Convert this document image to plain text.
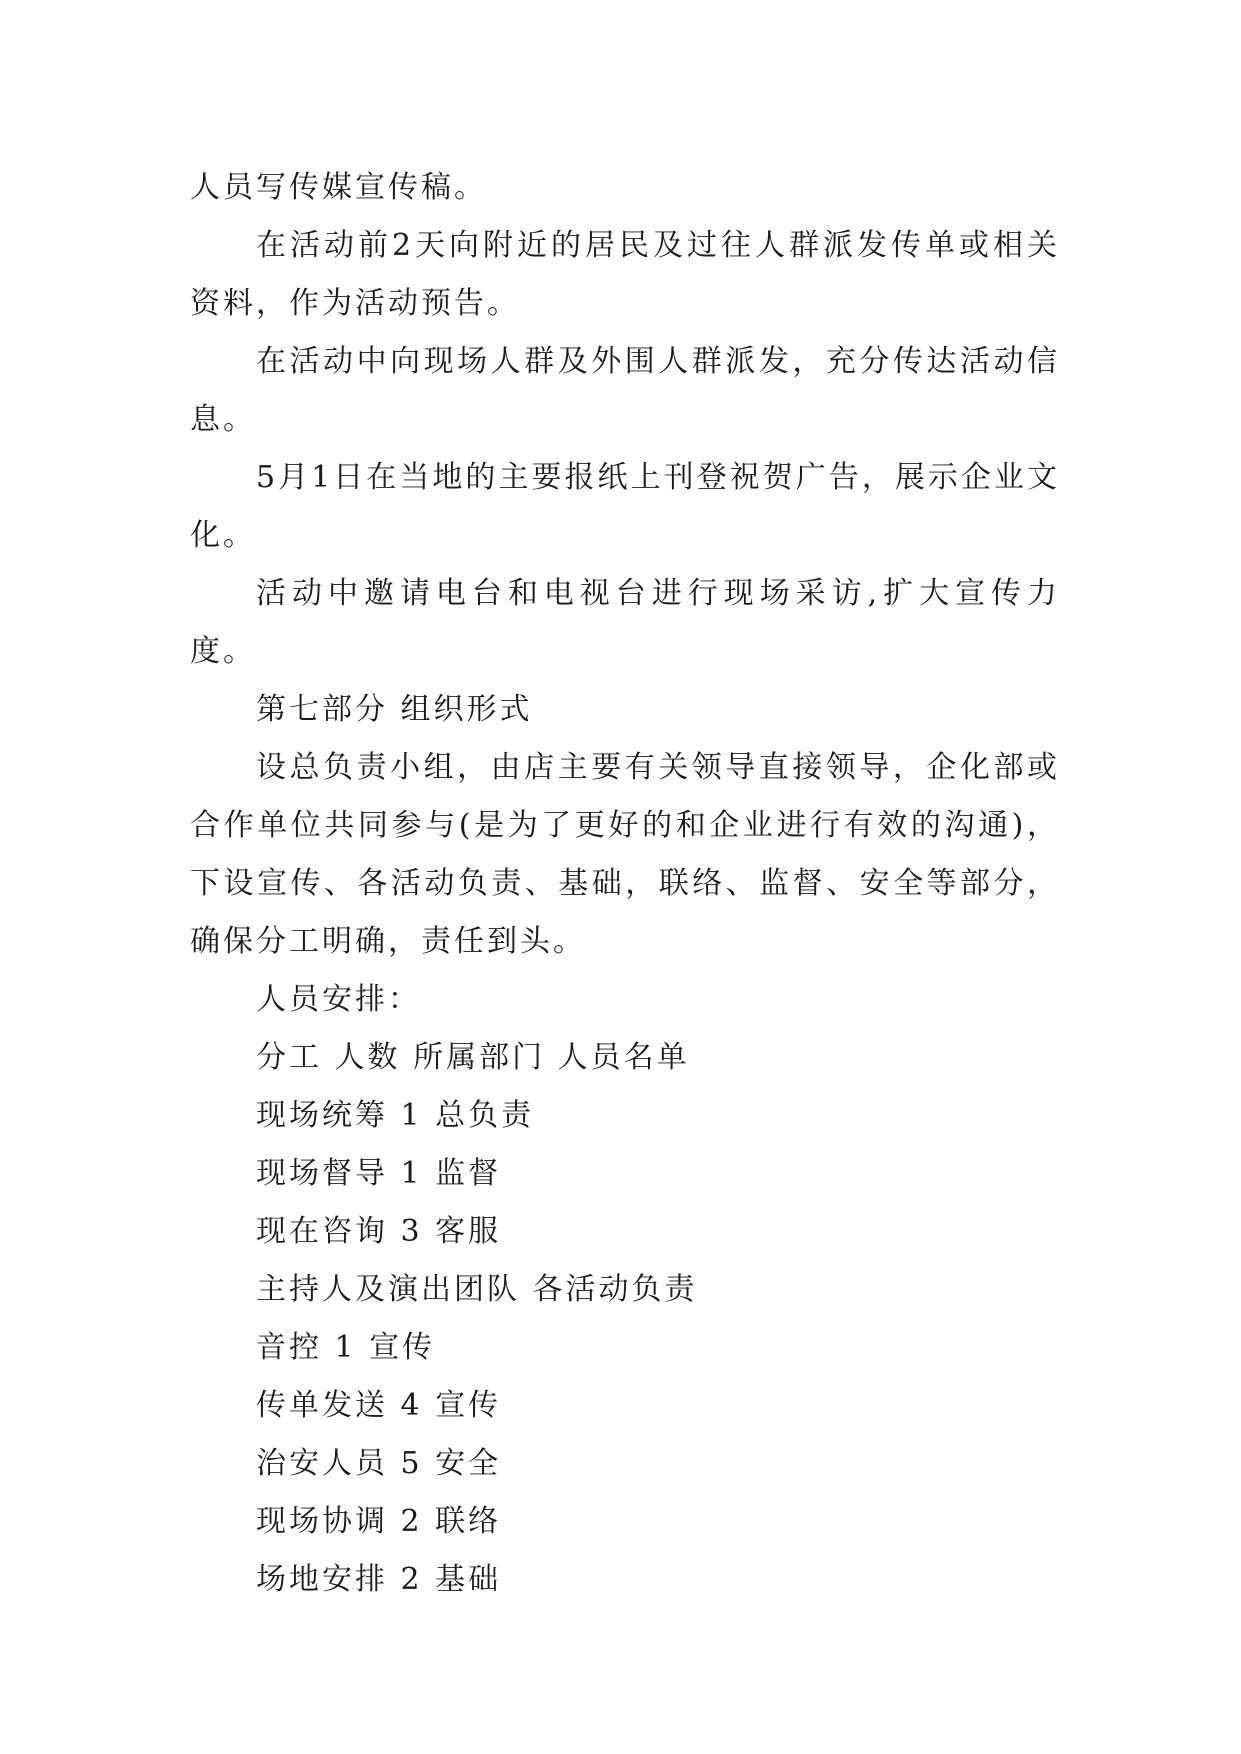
人员写传媒宣传稿。

在活动前2天向附近的居民及过往人群派发传单或相关资料，作为活动预告。

在活动中向现场人群及外围人群派发，充分传达活动信息。

5月1日在当地的主要报纸上刊登祝贺广告，展示企业文化。

活动中邀请电台和电视台进行现场采访,扩大宣传力度。

第七部分 组织形式

设总负责小组，由店主要有关领导直接领导，企化部或合作单位共同参与(是为了更好的和企业进行有效的沟通)，下设宣传、各活动负责、基础，联络、监督、安全等部分，确保分工明确，责任到头。

人员安排：

分工 人数 所属部门 人员名单

现场统筹 1 总负责

现场督导 1 监督

现在咨询 3 客服

主持人及演出团队 各活动负责

音控 1 宣传

传单发送 4 宣传

治安人员 5 安全

现场协调 2 联络

场地安排 2 基础
